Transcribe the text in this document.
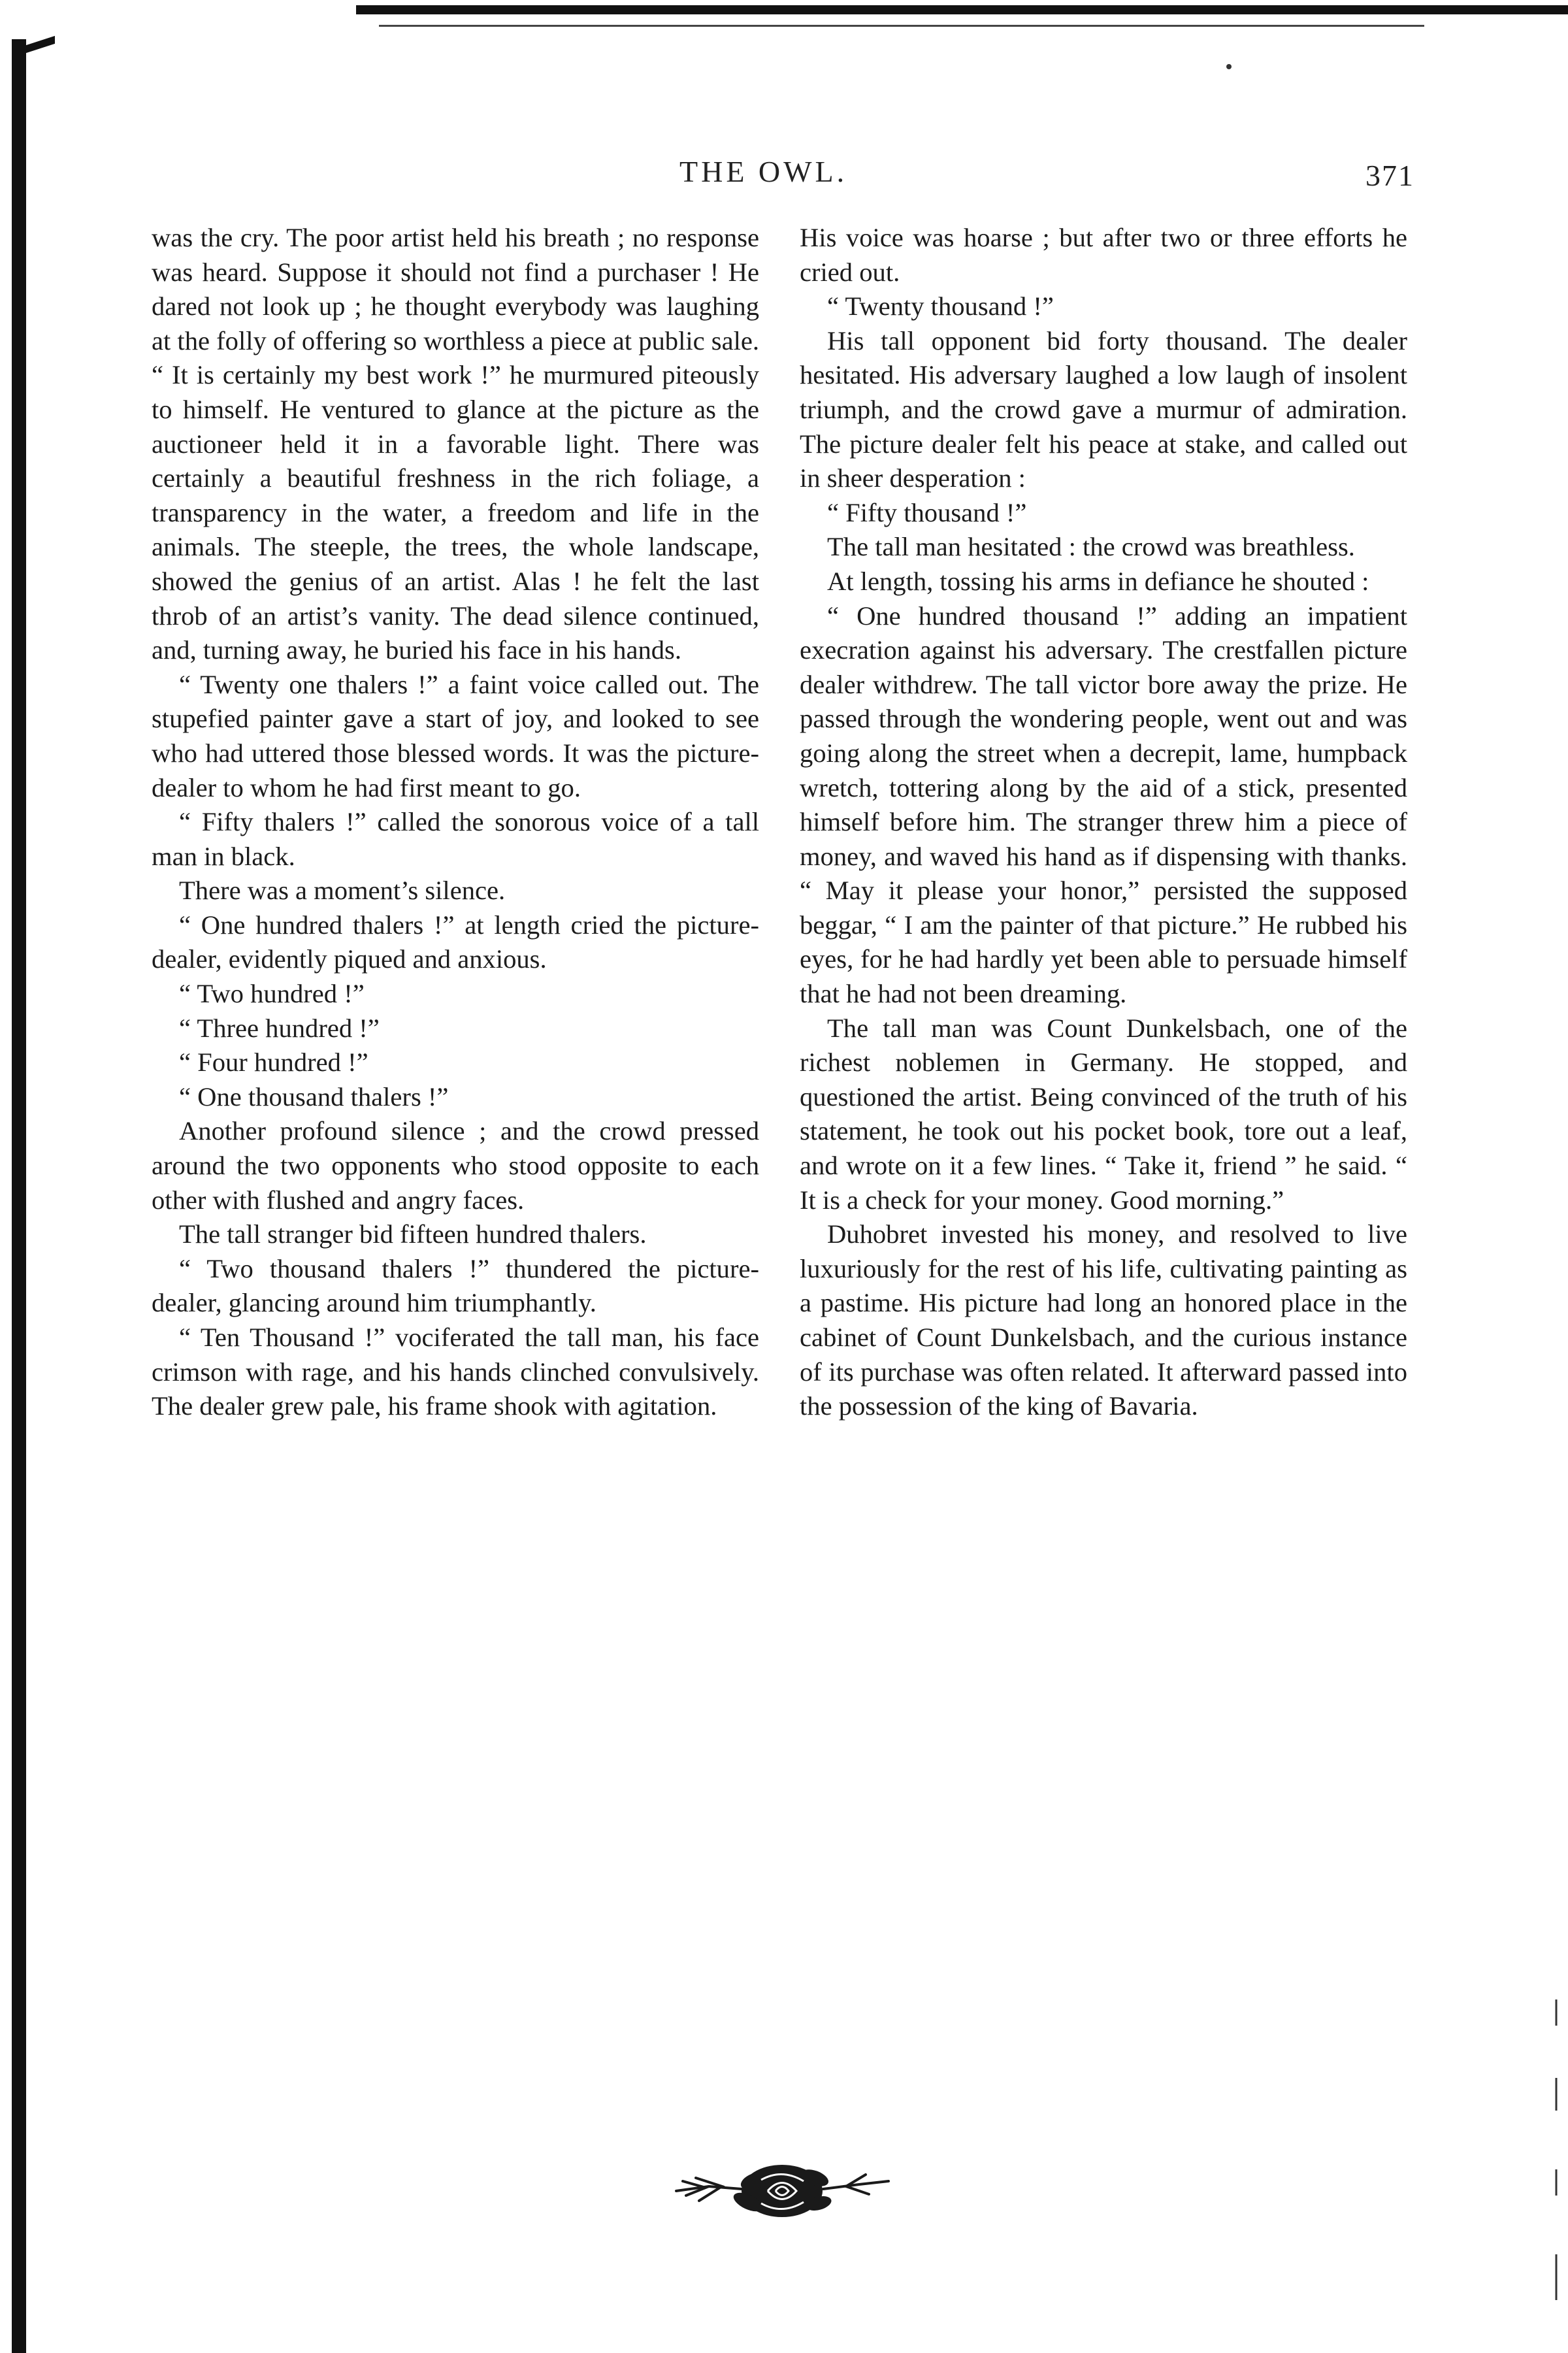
THE OWL.	371

was the cry. The poor artist held his breath ; no response was heard. Suppose it should not find a purchaser ! He dared not look up ; he thought everybody was laughing at the folly of offering so worthless a piece at public sale. “ It is certainly my best work !” he murmured piteously to himself. He ventured to glance at the picture as the auctioneer held it in a favorable light. There was certainly a beautiful freshness in the rich foliage, a transparency in the water, a freedom and life in the animals. The steeple, the trees, the whole landscape, showed the genius of an artist. Alas ! he felt the last throb of an artist’s vanity. The dead silence continued, and, turning away, he buried his face in his hands.

“ Twenty one thalers !” a faint voice called out. The stupefied painter gave a start of joy, and looked to see who had uttered those blessed words. It was the picture-dealer to whom he had first meant to go.

“ Fifty thalers !” called the sonorous voice of a tall man in black.

There was a moment’s silence.

“ One hundred thalers !” at length cried the picture-dealer, evidently piqued and anxious.

“ Two hundred !”

“ Three hundred !”

“ Four hundred !”

“ One thousand thalers !”

Another profound silence ; and the crowd pressed around the two opponents who stood opposite to each other with flushed and angry faces.

The tall stranger bid fifteen hundred thalers.

“ Two thousand thalers !” thundered the picture-dealer, glancing around him triumphantly.

“ Ten Thousand !” vociferated the tall man, his face crimson with rage, and his hands clinched convulsively. The dealer grew pale, his frame shook with agitation.

His voice was hoarse ; but after two or three efforts he cried out.

“ Twenty thousand !”

His tall opponent bid forty thousand. The dealer hesitated. His adversary laughed a low laugh of insolent triumph, and the crowd gave a murmur of admiration. The picture dealer felt his peace at stake, and called out in sheer desperation :

“ Fifty thousand !”

The tall man hesitated : the crowd was breathless.

At length, tossing his arms in defiance he shouted :

“ One hundred thousand !” adding an impatient execration against his adversary. The crestfallen picture dealer withdrew. The tall victor bore away the prize. He passed through the wondering people, went out and was going along the street when a decrepit, lame, humpback wretch, tottering along by the aid of a stick, presented himself before him. The stranger threw him a piece of money, and waved his hand as if dispensing with thanks. “ May it please your honor,” persisted the supposed beggar, “ I am the painter of that picture.” He rubbed his eyes, for he had hardly yet been able to persuade himself that he had not been dreaming.

The tall man was Count Dunkelsbach, one of the richest noblemen in Germany. He stopped, and questioned the artist. Being convinced of the truth of his statement, he took out his pocket book, tore out a leaf, and wrote on it a few lines. “ Take it, friend ” he said. “ It is a check for your money. Good morning.”

Duhobret invested his money, and resolved to live luxuriously for the rest of his life, cultivating painting as a pastime. His picture had long an honored place in the cabinet of Count Dunkelsbach, and the curious instance of its purchase was often related. It afterward passed into the possession of the king of Bavaria.
